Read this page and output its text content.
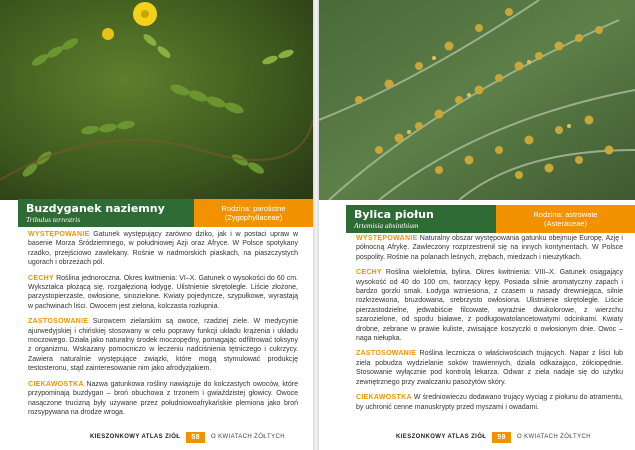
Buzdyganek naziemny
Tribulus terrestris
Rodzina: parolistne
(Zygophyllaceae)

WYSTĘPOWANIE Gatunek występujący zarówno dziko, jak i w postaci upraw w basenie Morza Śródziemnego, w południowej Azji oraz Afryce. W Polsce spotykany rzadko, przejściowo zawlekany. Rośnie w nadmorskich piaskach, na piaszczystych ugorach i obrzeżach pól.

CECHY Roślina jednoroczna. Okres kwitnienia: VI–X. Gatunek o wysokości do 60 cm. Wykształca płożącą się, rozgałęzioną łodygę. Ulistnienie skrętoległe. Liście złożone, parzystopierzaste, owłosione, sinozielone. Kwiaty pojedyncze, szypułkowe, wyrastają w pachwinach liści. Owocem jest zielona, kolczasta rozłupnia.

ZASTOSOWANIE Surowcem zielarskim są owoce, rzadziej ziele. W medycynie ajurwedyjskiej i chińskiej stosowany w celu poprawy funkcji układu krążenia i układu moczowego. Działa jako naturalny środek moczopędny, pomagając odfiltrować toksyny z organizmu. Wskazany pomocniczo w leczeniu nadciśnienia tętniczego i cukrzycy. Zawiera naturalnie występujące związki, które mogą stymulować produkcję testosteronu, stąd zainteresowanie nim jako afrodyzjakiem.

CIEKAWOSTKA Nazwa gatunkowa rośliny nawiązuje do kolczastych owoców, które przypominają buzdygan – broń obuchowa z trzonem i gwiaździstej głowicy. Owoce nasączone trucizną były używane przez południowoafrykańskie plemiona jako broń rozsypywana na drodze wroga.

KIESZONKOWY ATLAS ZIÓŁ	58	O KWIATACH ŻÓŁTYCH
Bylica piołun
Artemisia absinthium
Rodzina: astrowate
(Asteraceae)

WYSTĘPOWANIE Naturalny obszar występowania gatunku obejmuje Europę, Azję i północną Afrykę. Zawleczony rozprzestrenił się na innych kontynentach. W Polsce pospolity. Rośnie na polanach leśnych, zrębach, miedzach i nieużytkach.

CECHY Roślina wieloletnia, bylina. Okres kwitnienia: VIII–X. Gatunek osiągający wysokość od 40 do 100 cm, tworzący kępy. Posiada silnie aromatyczny zapach i bardzo gorzki smak. Łodyga wzniesiona, z czasem u nasady drewniejąca, silnie rozkrzewiona, bruzdowana, srebrzysto owłosiona. Ulistnienie skrętoległe. Liście pierzastodzielne, jedwabiście filcowate, wyraźnie dwukolorowe, z wierzchu szarozielone, od spodu białawe, z podługowatolancetowatymi odcinkami. Kwiaty drobne, zebrane w prawie kuliste, zwisające koszyczki o owłosionym dnie. Owoc – naga niełupka.

ZASTOSOWANIE Roślina lecznicza o właściwościach trujących. Napar z liści lub ziela pobudza wydzielanie soków trawiennych, działa odkażająco, żółciopędnie. Stosowanie wyłącznie pod kontrolą lekarza. Odwar z ziela nadaje się do użytku zewnętrznego przy zwalczaniu pasożytów skóry.

CIEKAWOSTKA W średniowieczu dodawano trujący wyciąg z piołunu do atramentu, by uchronić cenne manuskrypty przed myszami i owadami.

KIESZONKOWY ATLAS ZIÓŁ	59	O KWIATACH ŻÓŁTYCH
